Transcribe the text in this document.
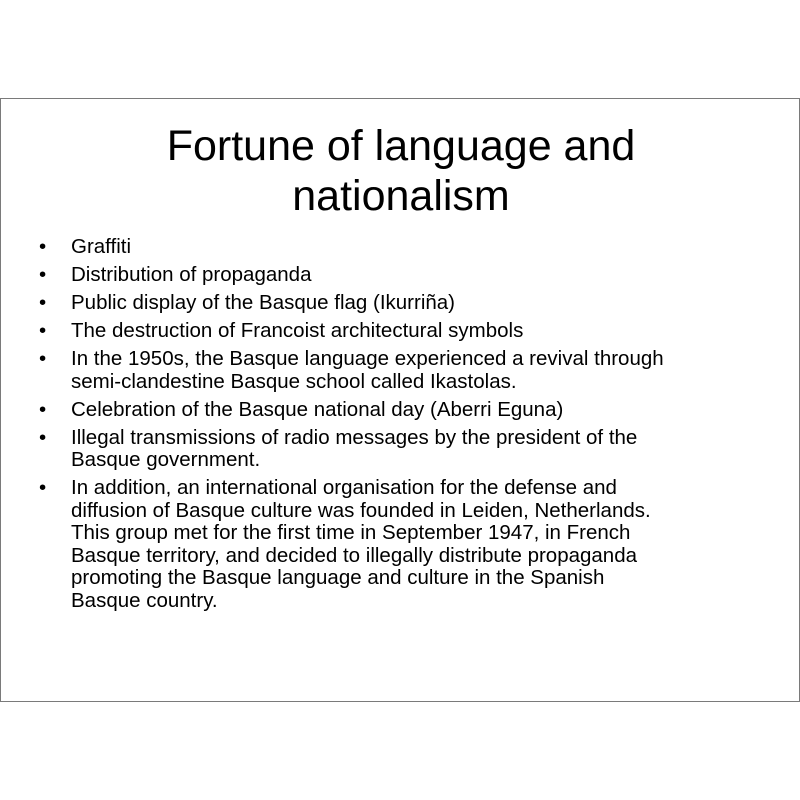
Fortune of language and
nationalism
•	Graffiti
•	Distribution of propaganda
•	Public display of the Basque flag (Ikurriña)
•	The destruction of Francoist architectural symbols
•	In the 1950s, the Basque language experienced a revival through
semi-clandestine Basque school called Ikastolas.
•	Celebration of the Basque national day (Aberri Eguna)
•	Illegal transmissions of radio messages by the president of the
Basque government.
•	In addition, an international organisation for the defense and
diffusion of Basque culture was founded in Leiden, Netherlands.
This group met for the first time in September 1947, in French
Basque territory, and decided to illegally distribute propaganda
promoting the Basque language and culture in the Spanish
Basque country.
